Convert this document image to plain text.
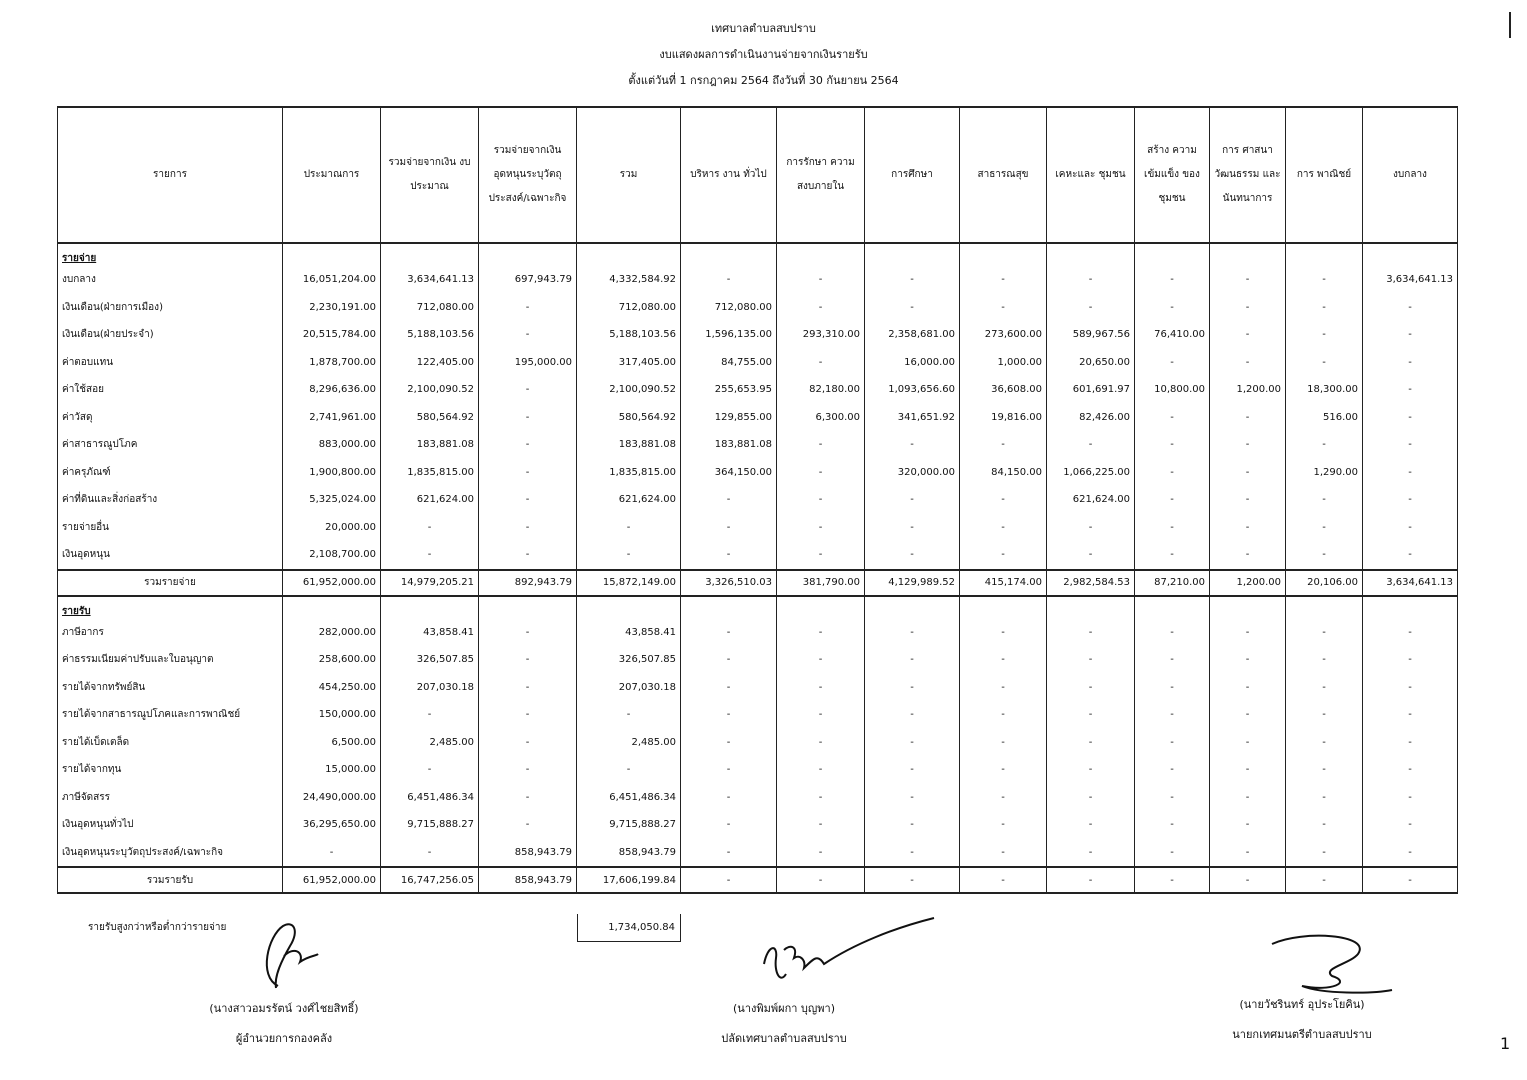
เทศบาลตำบลสบปราบ
งบแสดงผลการดำเนินงานจ่ายจากเงินรายรับ
ตั้งแต่วันที่ 1 กรกฎาคม 2564 ถึงวันที่ 30 กันยายน 2564
รายการ	ประมาณการ	รวมจ่ายจากเงิน งบประมาณ	รวมจ่ายจากเงิน อุดหนุนระบุวัตถุ ประสงค์/เฉพาะกิจ	รวม	บริหาร งาน ทั่วไป	การรักษา ความ สงบภายใน	การศึกษา	สาธารณสุข	เคหะและ ชุมชน	สร้าง ความ เข้มแข็ง ของชุมชน	การ ศาสนา วัฒนธรรม และ นันทนาการ	การ พาณิชย์	งบกลาง
รายจ่าย													
งบกลาง	16,051,204.00	3,634,641.13	697,943.79	4,332,584.92	-	-	-	-	-	-	-	-	3,634,641.13
เงินเดือน(ฝ่ายการเมือง)	2,230,191.00	712,080.00	-	712,080.00	712,080.00	-	-	-	-	-	-	-	-
เงินเดือน(ฝ่ายประจำ)	20,515,784.00	5,188,103.56	-	5,188,103.56	1,596,135.00	293,310.00	2,358,681.00	273,600.00	589,967.56	76,410.00	-	-	-
ค่าตอบแทน	1,878,700.00	122,405.00	195,000.00	317,405.00	84,755.00	-	16,000.00	1,000.00	20,650.00	-	-	-	-
ค่าใช้สอย	8,296,636.00	2,100,090.52	-	2,100,090.52	255,653.95	82,180.00	1,093,656.60	36,608.00	601,691.97	10,800.00	1,200.00	18,300.00	-
ค่าวัสดุ	2,741,961.00	580,564.92	-	580,564.92	129,855.00	6,300.00	341,651.92	19,816.00	82,426.00	-	-	516.00	-
ค่าสาธารณูปโภค	883,000.00	183,881.08	-	183,881.08	183,881.08	-	-	-	-	-	-	-	-
ค่าครุภัณฑ์	1,900,800.00	1,835,815.00	-	1,835,815.00	364,150.00	-	320,000.00	84,150.00	1,066,225.00	-	-	1,290.00	-
ค่าที่ดินและสิ่งก่อสร้าง	5,325,024.00	621,624.00	-	621,624.00	-	-	-	-	621,624.00	-	-	-	-
รายจ่ายอื่น	20,000.00	-	-	-	-	-	-	-	-	-	-	-	-
เงินอุดหนุน	2,108,700.00	-	-	-	-	-	-	-	-	-	-	-	-
รวมรายจ่าย	61,952,000.00	14,979,205.21	892,943.79	15,872,149.00	3,326,510.03	381,790.00	4,129,989.52	415,174.00	2,982,584.53	87,210.00	1,200.00	20,106.00	3,634,641.13
รายรับ													
ภาษีอากร	282,000.00	43,858.41	-	43,858.41	-	-	-	-	-	-	-	-	-
ค่าธรรมเนียมค่าปรับและใบอนุญาต	258,600.00	326,507.85	-	326,507.85	-	-	-	-	-	-	-	-	-
รายได้จากทรัพย์สิน	454,250.00	207,030.18	-	207,030.18	-	-	-	-	-	-	-	-	-
รายได้จากสาธารณูปโภคและการพาณิชย์	150,000.00	-	-	-	-	-	-	-	-	-	-	-	-
รายได้เบ็ดเตล็ด	6,500.00	2,485.00	-	2,485.00	-	-	-	-	-	-	-	-	-
รายได้จากทุน	15,000.00	-	-	-	-	-	-	-	-	-	-	-	-
ภาษีจัดสรร	24,490,000.00	6,451,486.34	-	6,451,486.34	-	-	-	-	-	-	-	-	-
เงินอุดหนุนทั่วไป	36,295,650.00	9,715,888.27	-	9,715,888.27	-	-	-	-	-	-	-	-	-
เงินอุดหนุนระบุวัตถุประสงค์/เฉพาะกิจ	-	-	858,943.79	858,943.79	-	-	-	-	-	-	-	-	-
รวมรายรับ	61,952,000.00	16,747,256.05	858,943.79	17,606,199.84	-	-	-	-	-	-	-	-	-
รายรับสูงกว่าหรือต่ำกว่ารายจ่าย	1,734,050.84
(นางสาวอมรรัตน์ วงศ์ไชยสิทธิ์)
ผู้อำนวยการกองคลัง
(นางพิมพ์ผกา บุญพา)
ปลัดเทศบาลตำบลสบปราบ
(นายวัชรินทร์ อุประโยคิน)
นายกเทศมนตรีตำบลสบปราบ	1
